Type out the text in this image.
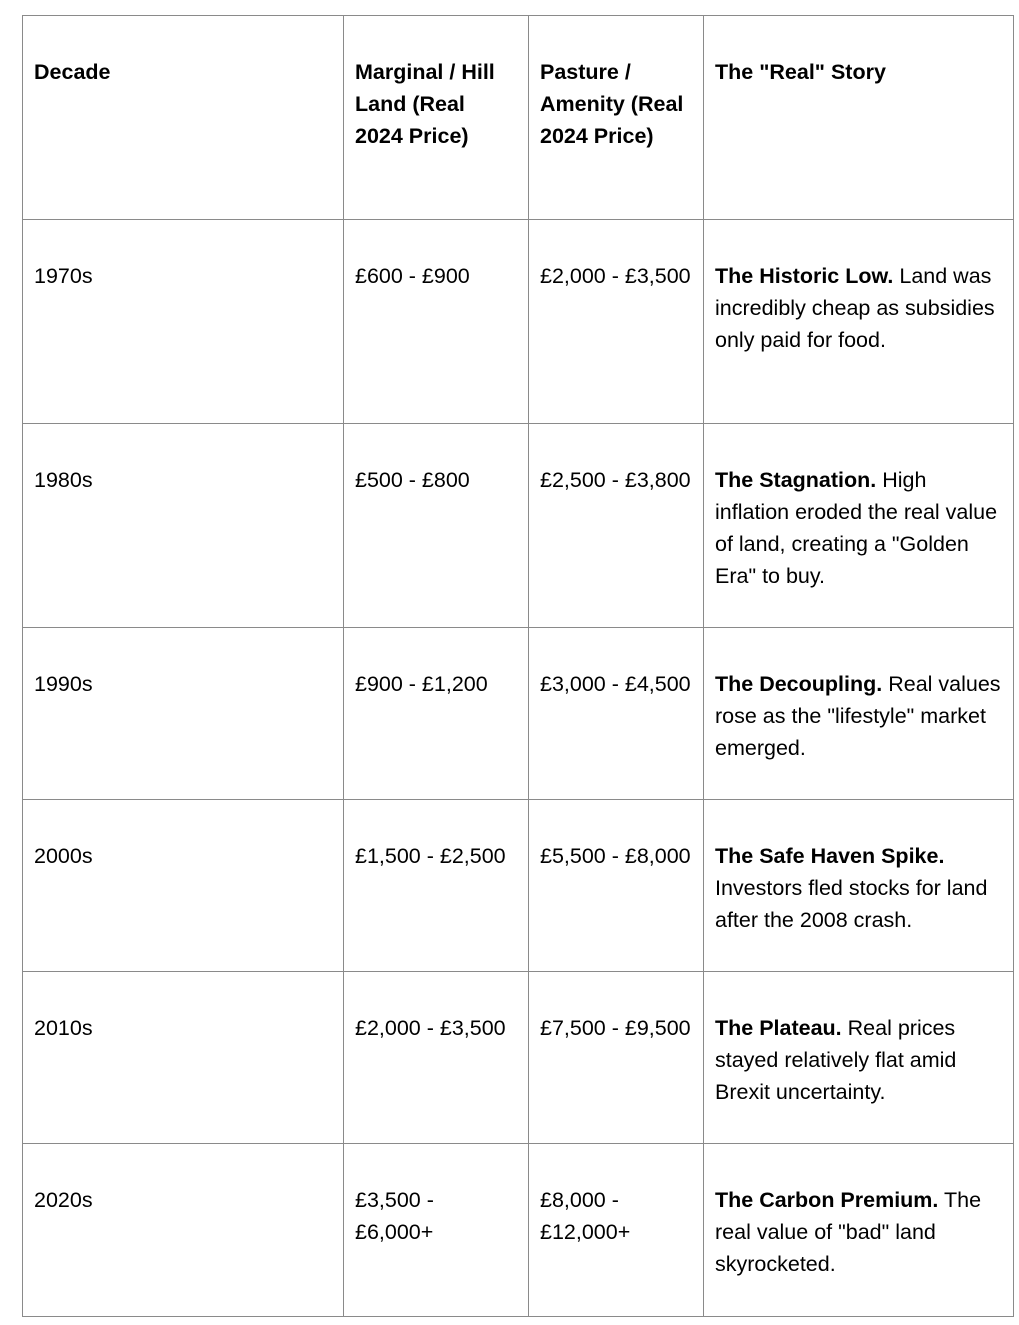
Decade	Marginal / Hill Land (Real 2024 Price)	Pasture / Amenity (Real 2024 Price)	The "Real" Story
1970s	£600 - £900	£2,000 - £3,500	The Historic Low. Land was incredibly cheap as subsidies only paid for food.
1980s	£500 - £800	£2,500 - £3,800	The Stagnation. High inflation eroded the real value of land, creating a "Golden Era" to buy.
1990s	£900 - £1,200	£3,000 - £4,500	The Decoupling. Real values rose as the "lifestyle" market emerged.
2000s	£1,500 - £2,500	£5,500 - £8,000	The Safe Haven Spike. Investors fled stocks for land after the 2008 crash.
2010s	£2,000 - £3,500	£7,500 - £9,500	The Plateau. Real prices stayed relatively flat amid Brexit uncertainty.
2020s	£3,500 - £6,000+	£8,000 - £12,000+	The Carbon Premium. The real value of "bad" land skyrocketed.
